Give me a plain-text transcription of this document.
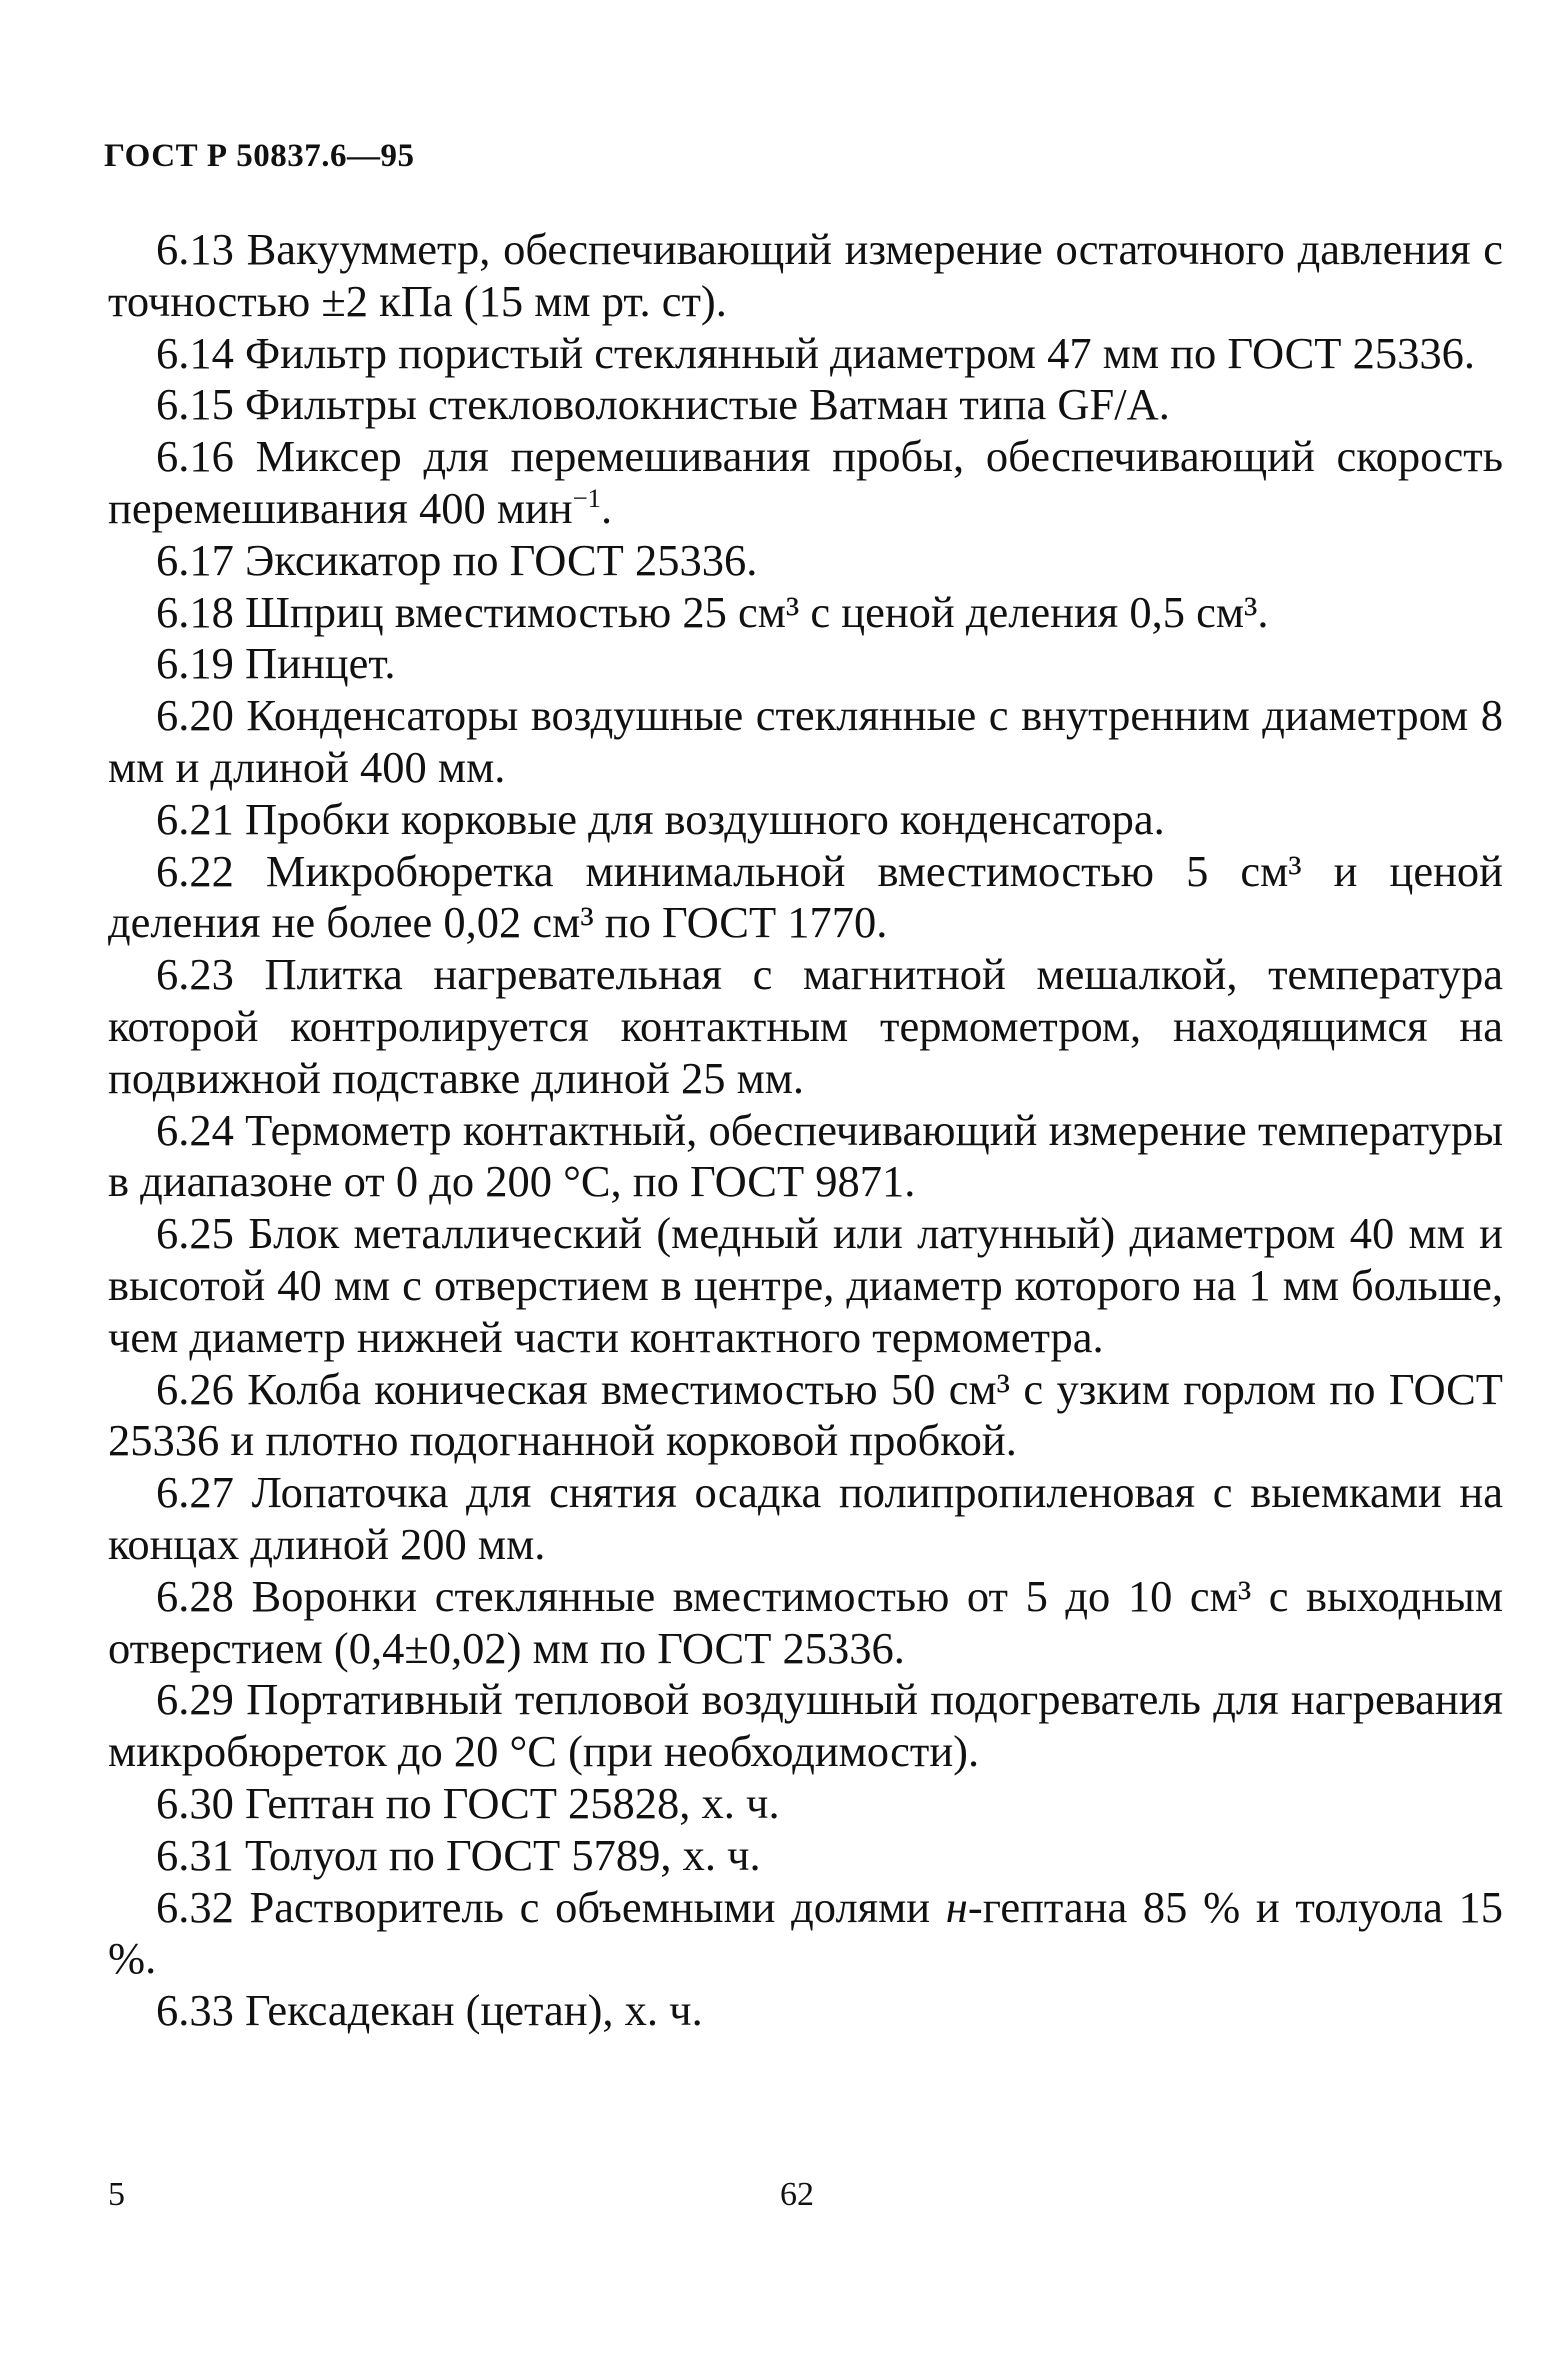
ГОСТ Р 50837.6—95

6.13 Вакуумметр, обеспечивающий измерение остаточного давления с точностью ±2 кПа (15 мм рт. ст).

6.14 Фильтр пористый стеклянный диаметром 47 мм по ГОСТ 25336.

6.15 Фильтры стекловолокнистые Ватман типа GF/A.

6.16 Миксер для перемешивания пробы, обеспечивающий скорость перемешивания 400 мин$^{-1}$.

6.17 Эксикатор по ГОСТ 25336.

6.18 Шприц вместимостью 25 см³ с ценой деления 0,5 см³.

6.19 Пинцет.

6.20 Конденсаторы воздушные стеклянные с внутренним диаметром 8 мм и длиной 400 мм.

6.21 Пробки корковые для воздушного конденсатора.

6.22 Микробюретка минимальной вместимостью 5 см³ и ценой деления не более 0,02 см³ по ГОСТ 1770.

6.23 Плитка нагревательная с магнитной мешалкой, температура которой контролируется контактным термометром, находящимся на подвижной подставке длиной 25 мм.

6.24 Термометр контактный, обеспечивающий измерение температуры в диапазоне от 0 до 200 °С, по ГОСТ 9871.

6.25 Блок металлический (медный или латунный) диаметром 40 мм и высотой 40 мм с отверстием в центре, диаметр которого на 1 мм больше, чем диаметр нижней части контактного термометра.

6.26 Колба коническая вместимостью 50 см³ с узким горлом по ГОСТ 25336 и плотно подогнанной корковой пробкой.

6.27 Лопаточка для снятия осадка полипропиленовая с выемками на концах длиной 200 мм.

6.28 Воронки стеклянные вместимостью от 5 до 10 см³ с выходным отверстием (0,4±0,02) мм по ГОСТ 25336.

6.29 Портативный тепловой воздушный подогреватель для нагревания микробюреток до 20 °С (при необходимости).

6.30 Гептан по ГОСТ 25828, х. ч.

6.31 Толуол по ГОСТ 5789, х. ч.

6.32 Растворитель с объемными долями н-гептана 85 % и толуола 15 %.

6.33 Гексадекан (цетан), х. ч.

5	62
